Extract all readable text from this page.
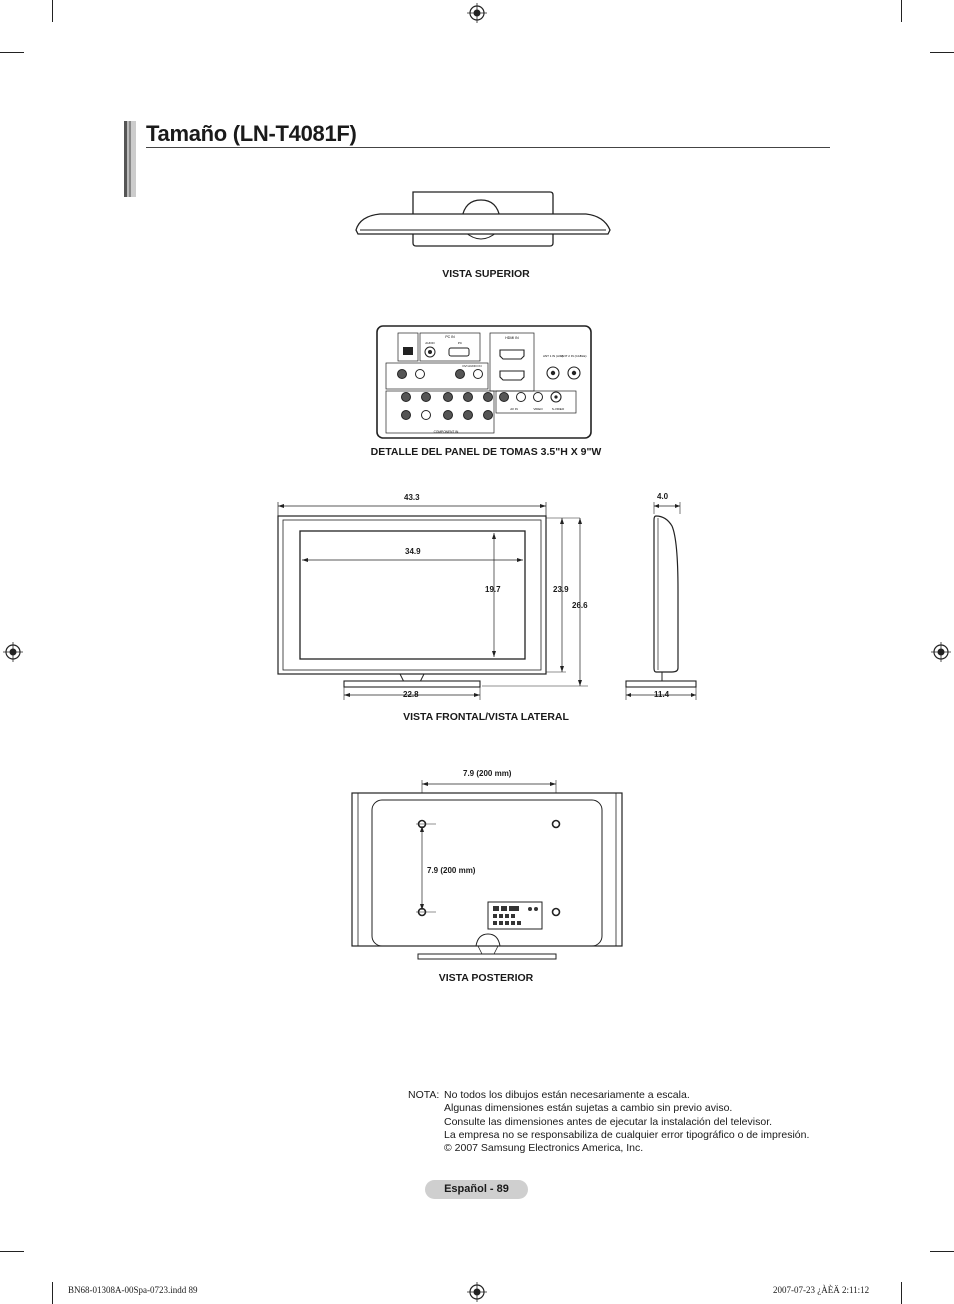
Tamaño (LN-T4081F)
VISTA SUPERIOR
PC IN
AUDIO	PC
HDMI IN
ANT 1 IN (AIR)
ANT 2 IN (CABLE)
DVI AUDIO IN
COMPONENT IN
AV IN	VIDEO	S-VIDEO
DETALLE DEL PANEL DE TOMAS 3.5"H X 9"W
43.3
34.9
19.7	23.9
26.6
22.8
4.0
11.4
VISTA FRONTAL/VISTA LATERAL
7.9 (200 mm)
7.9 (200 mm)
VISTA POSTERIOR
NOTA: No todos los dibujos están necesariamente a escala.
Algunas dimensiones están sujetas a cambio sin previo aviso.
Consulte las dimensiones antes de ejecutar la instalación del televisor.
La empresa no se responsabiliza de cualquier error tipográfico o de impresión.
© 2007 Samsung Electronics America, Inc.
Español - 89
BN68-01308A-00Spa-0723.indd 89	2007-07-23 ¿ÀÈÄ 2:11:12
